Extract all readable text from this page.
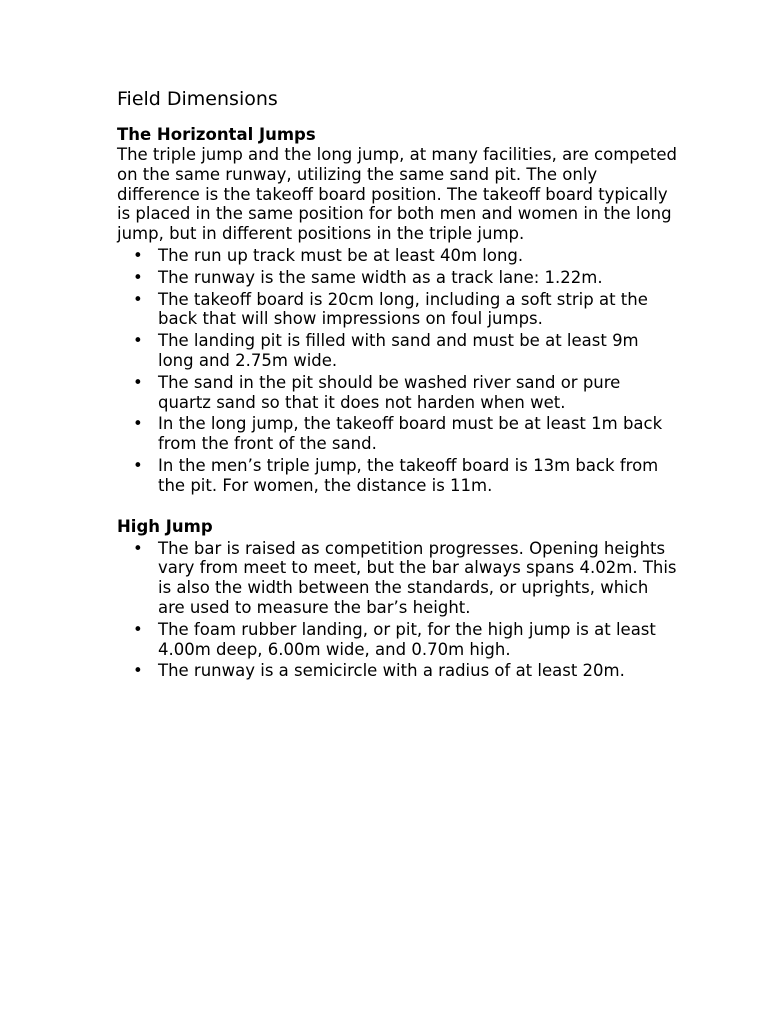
Field Dimensions
The Horizontal Jumps

The triple jump and the long jump, at many facilities, are competed on the same runway, utilizing the same sand pit. The only difference is the takeoff board position. The takeoff board typically is placed in the same position for both men and women in the long jump, but in different positions in the triple jump.

• The run up track must be at least 40m long.
• The runway is the same width as a track lane: 1.22m.
• The takeoff board is 20cm long, including a soft strip at the back that will show impressions on foul jumps.
• The landing pit is filled with sand and must be at least 9m long and 2.75m wide.
• The sand in the pit should be washed river sand or pure quartz sand so that it does not harden when wet.
• In the long jump, the takeoff board must be at least 1m back from the front of the sand.
• In the men’s triple jump, the takeoff board is 13m back from the pit. For women, the distance is 11m.
High Jump
• The bar is raised as competition progresses. Opening heights vary from meet to meet, but the bar always spans 4.02m. This is also the width between the standards, or uprights, which are used to measure the bar’s height.
• The foam rubber landing, or pit, for the high jump is at least 4.00m deep, 6.00m wide, and 0.70m high.
• The runway is a semicircle with a radius of at least 20m.
